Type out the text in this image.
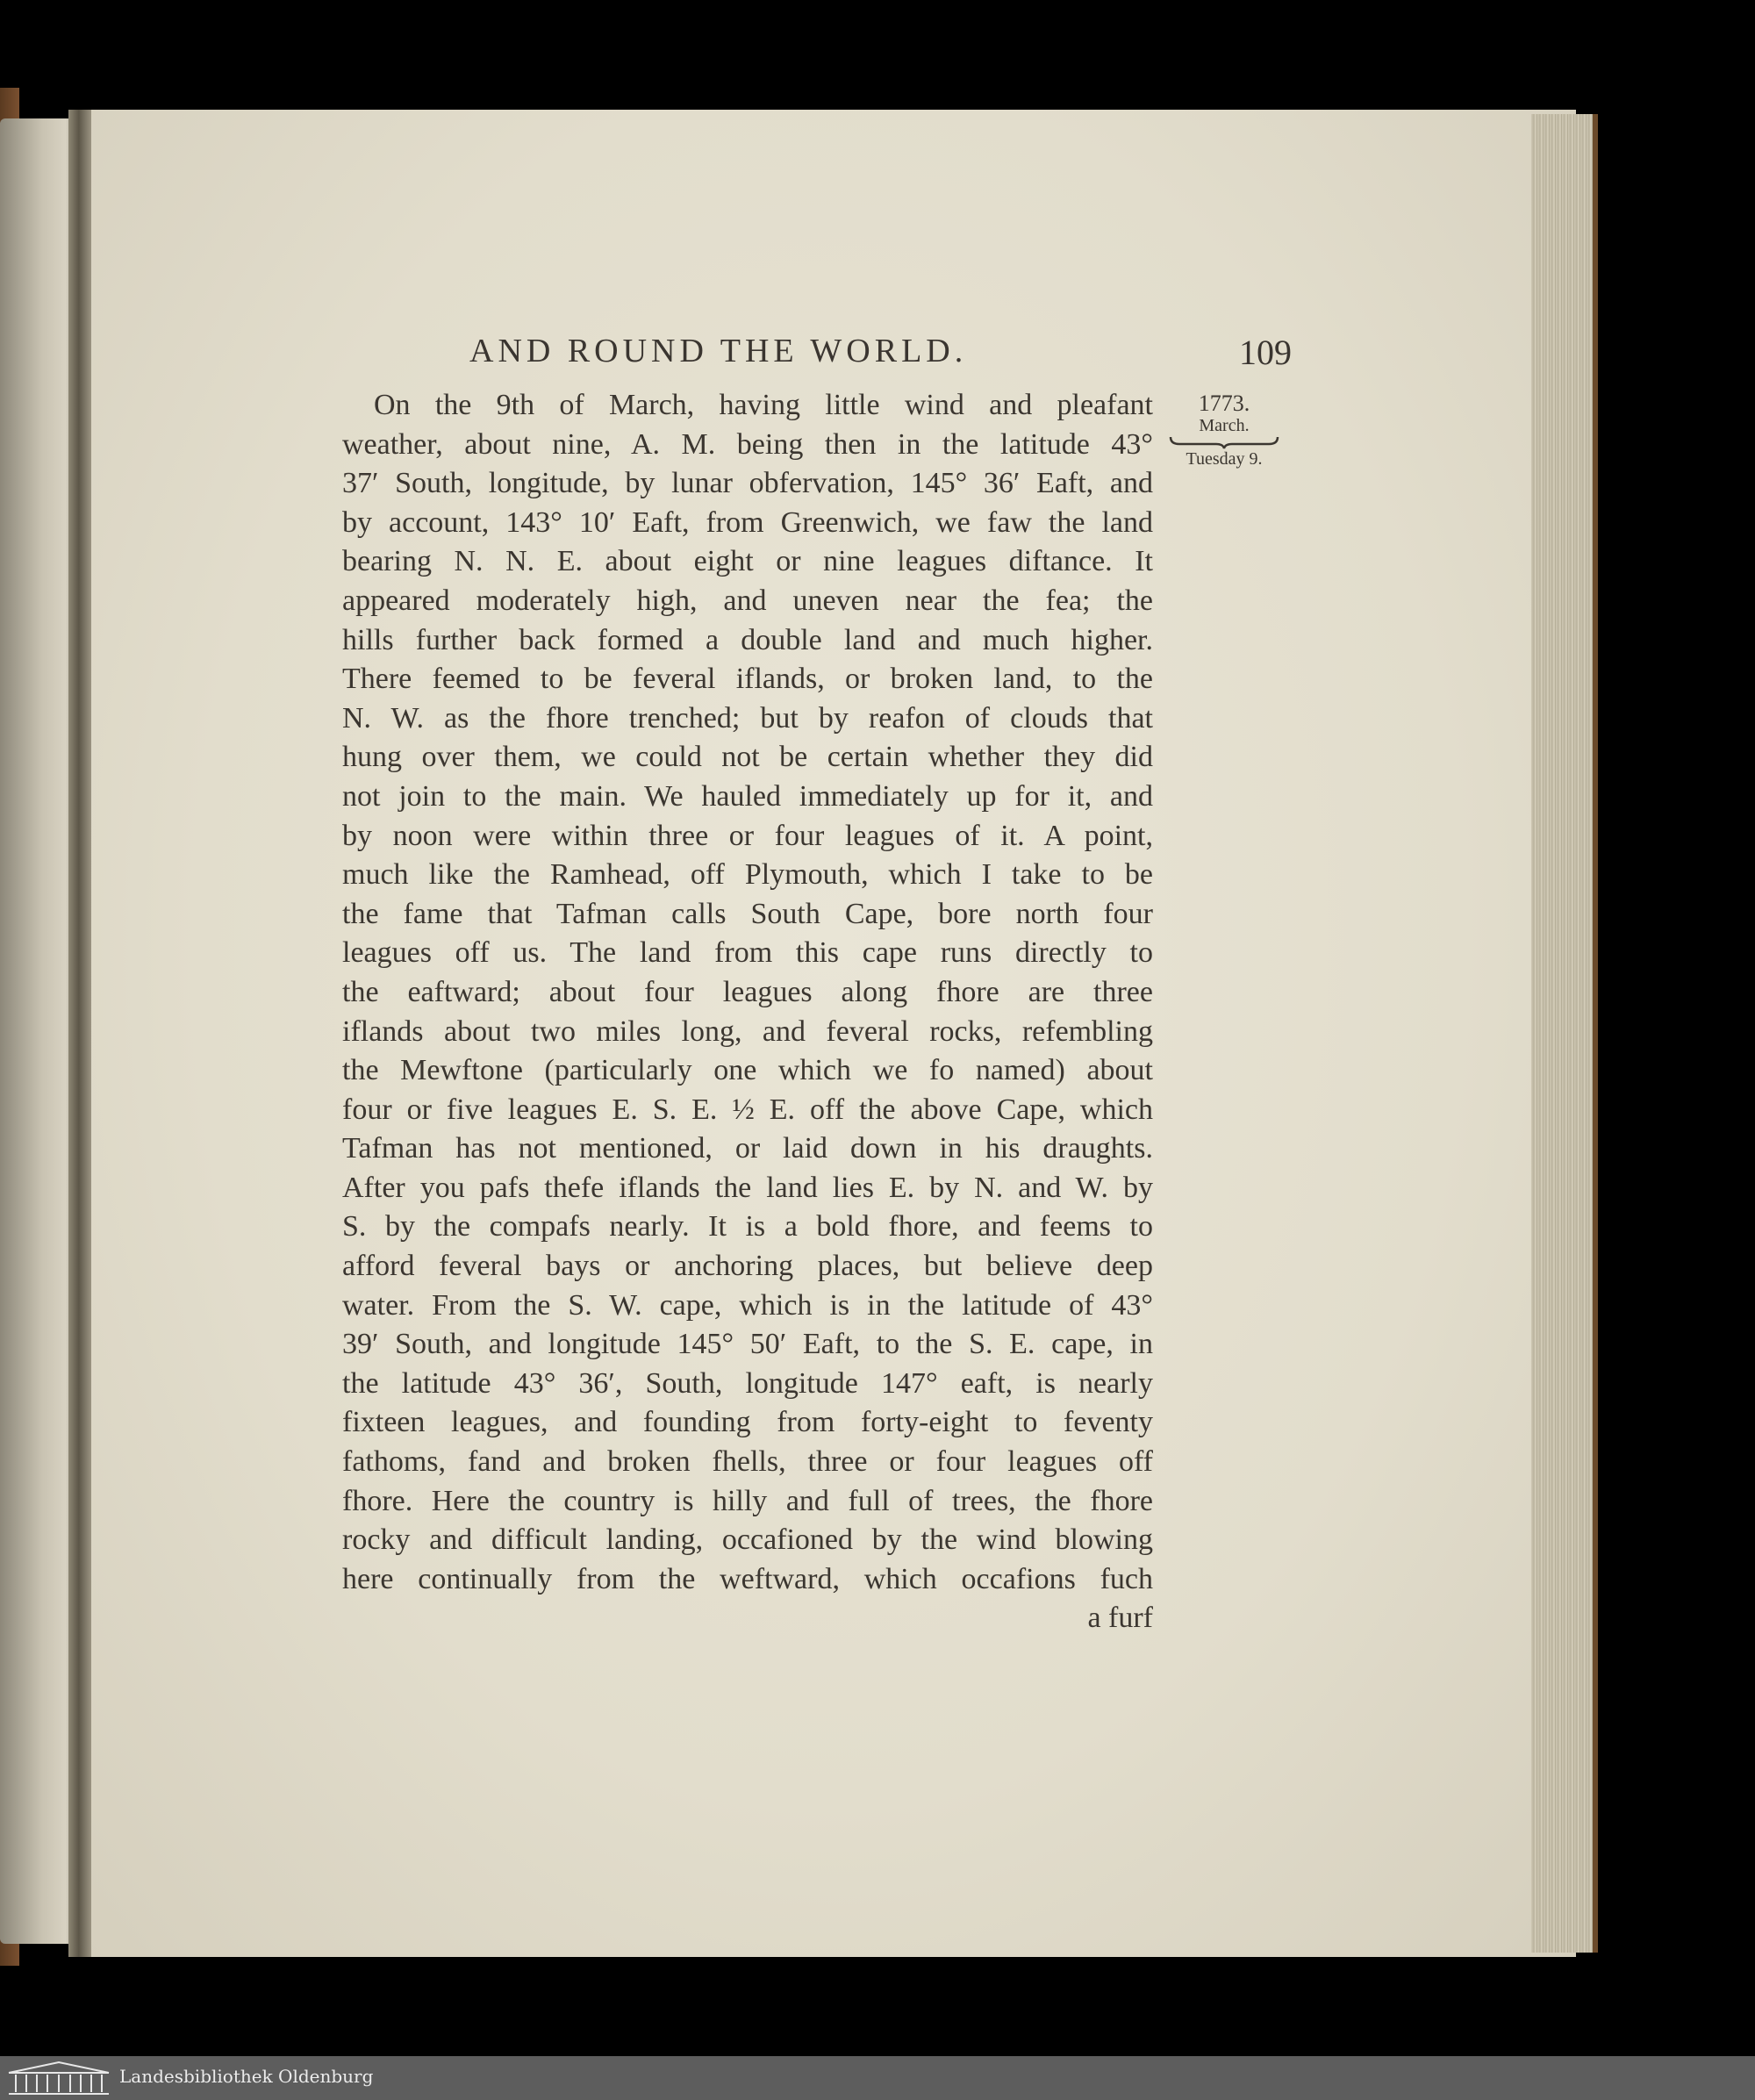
AND ROUND THE WORLD.	109
On the 9th of March, having little wind and pleafant
weather, about nine, A. M. being then in the latitude 43°
37′ South, longitude, by lunar obfervation, 145° 36′ Eaft, and
by account, 143° 10′ Eaft, from Greenwich, we faw the land
bearing N. N. E. about eight or nine leagues diftance. It
appeared moderately high, and uneven near the fea; the
hills further back formed a double land and much higher.
There feemed to be feveral iflands, or broken land, to the
N. W. as the fhore trenched; but by reafon of clouds that
hung over them, we could not be certain whether they did
not join to the main. We hauled immediately up for it, and
by noon were within three or four leagues of it. A point,
much like the Ramhead, off Plymouth, which I take to be
the fame that Tafman calls South Cape, bore north four
leagues off us. The land from this cape runs directly to
the eaftward; about four leagues along fhore are three
iflands about two miles long, and feveral rocks, refembling
the Mewftone (particularly one which we fo named) about
four or five leagues E. S. E. ½ E. off the above Cape, which
Tafman has not mentioned, or laid down in his draughts.
After you pafs thefe iflands the land lies E. by N. and W. by
S. by the compafs nearly. It is a bold fhore, and feems to
afford feveral bays or anchoring places, but believe deep
water. From the S. W. cape, which is in the latitude of 43°
39′ South, and longitude 145° 50′ Eaft, to the S. E. cape, in
the latitude 43° 36′, South, longitude 147° eaft, is nearly
fixteen leagues, and founding from forty-eight to feventy
fathoms, fand and broken fhells, three or four leagues off
fhore. Here the country is hilly and full of trees, the fhore
rocky and difficult landing, occafioned by the wind blowing
here continually from the weftward, which occafions fuch
a furf
1773.
March.
Tuesday 9.
Landesbibliothek Oldenburg
